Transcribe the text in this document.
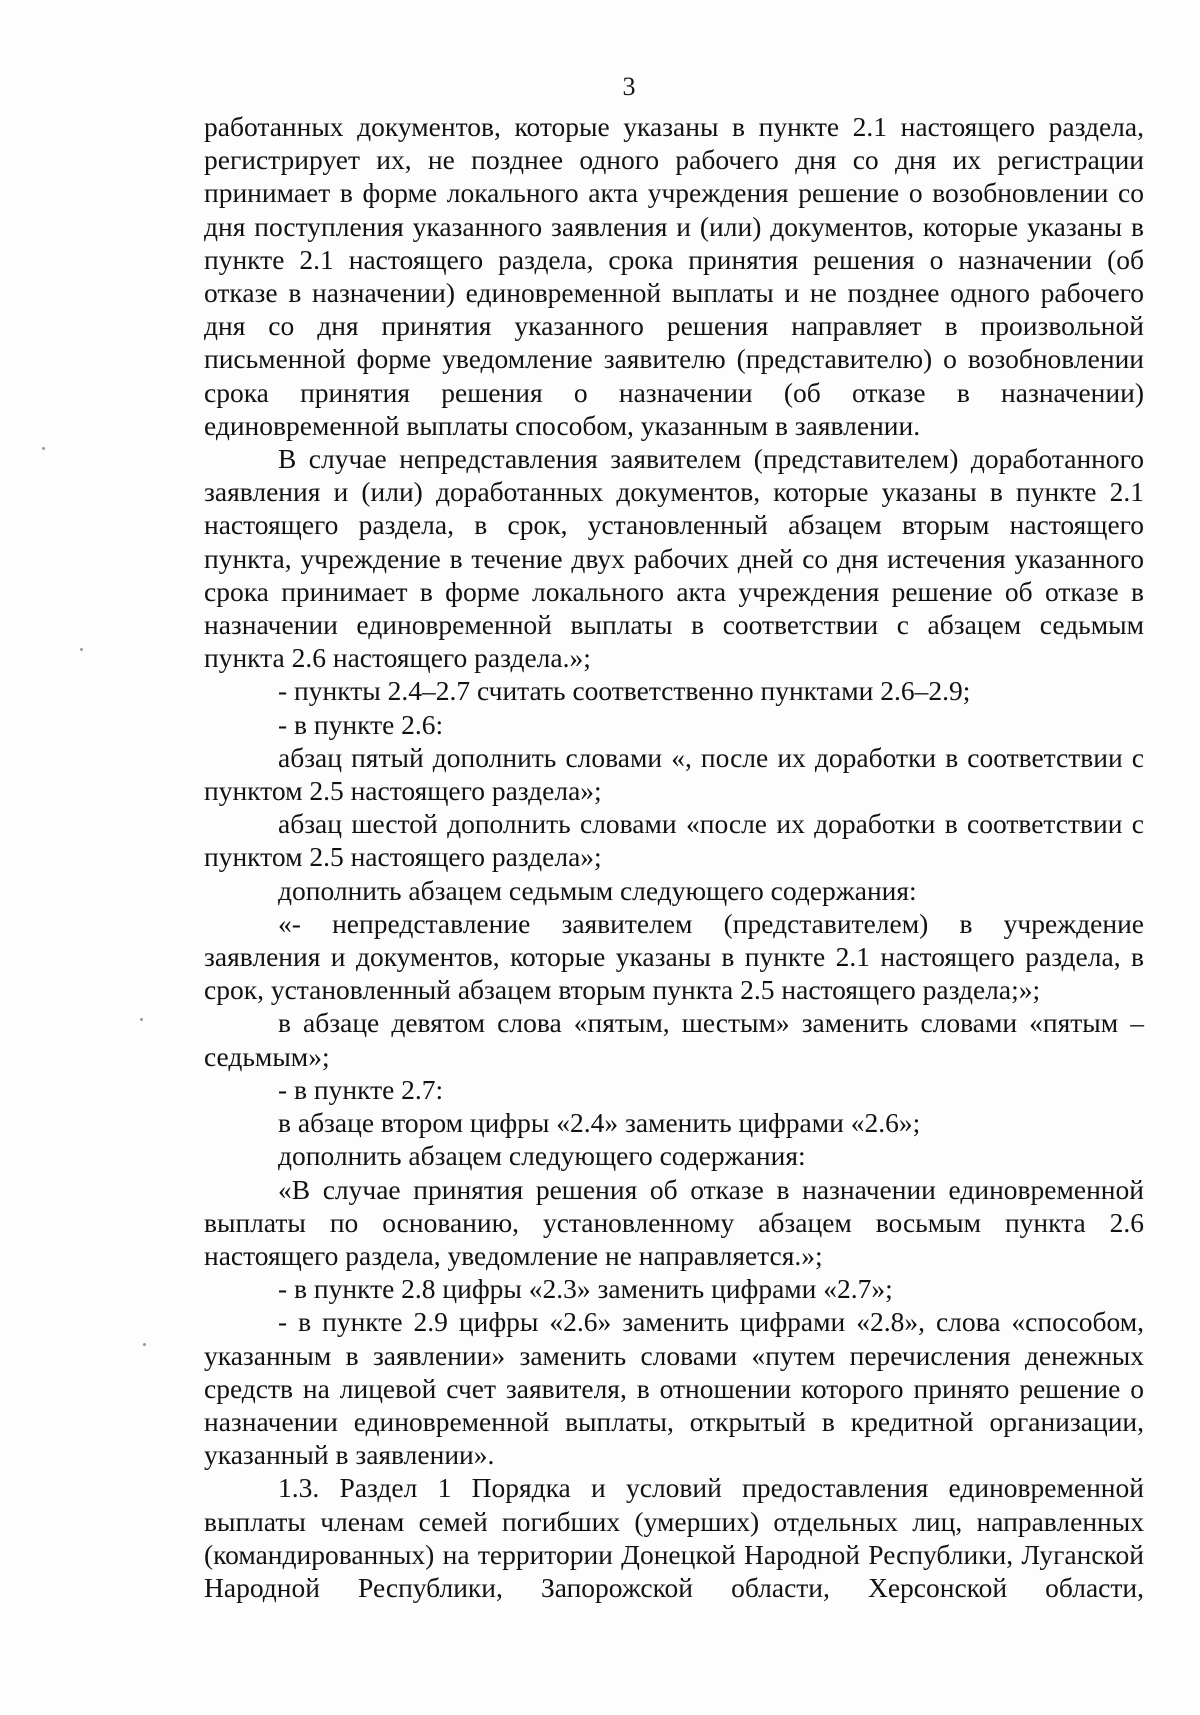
3

работанных документов, которые указаны в пункте 2.1 настоящего раздела, регистрирует их, не позднее одного рабочего дня со дня их регистрации принимает в форме локального акта учреждения решение о возобновлении со дня поступления указанного заявления и (или) документов, которые указаны в пункте 2.1 настоящего раздела, срока принятия решения о назначении (об отказе в назначении) единовременной выплаты и не позднее одного рабочего дня со дня принятия указанного решения направляет в произвольной письменной форме уведомление заявителю (представителю) о возобновлении срока принятия решения о назначении (об отказе в назначении) единовременной выплаты способом, указанным в заявлении.

В случае непредставления заявителем (представителем) доработанного заявления и (или) доработанных документов, которые указаны в пункте 2.1 настоящего раздела, в срок, установленный абзацем вторым настоящего пункта, учреждение в течение двух рабочих дней со дня истечения указанного срока принимает в форме локального акта учреждения решение об отказе в назначении единовременной выплаты в соответствии с абзацем седьмым пункта 2.6 настоящего раздела.»;

- пункты 2.4–2.7 считать соответственно пунктами 2.6–2.9;

- в пункте 2.6:

абзац пятый дополнить словами «, после их доработки в соответствии с пунктом 2.5 настоящего раздела»;

абзац шестой дополнить словами «после их доработки в соответствии с пунктом 2.5 настоящего раздела»;

дополнить абзацем седьмым следующего содержания:

«- непредставление заявителем (представителем) в учреждение заявления и документов, которые указаны в пункте 2.1 настоящего раздела, в срок, установленный абзацем вторым пункта 2.5 настоящего раздела;»;

в абзаце девятом слова «пятым, шестым» заменить словами «пятым – седьмым»;

- в пункте 2.7:

в абзаце втором цифры «2.4» заменить цифрами «2.6»;

дополнить абзацем следующего содержания:

«В случае принятия решения об отказе в назначении единовременной выплаты по основанию, установленному абзацем восьмым пункта 2.6 настоящего раздела, уведомление не направляется.»;

- в пункте 2.8 цифры «2.3» заменить цифрами «2.7»;

- в пункте 2.9 цифры «2.6» заменить цифрами «2.8», слова «способом, указанным в заявлении» заменить словами «путем перечисления денежных средств на лицевой счет заявителя, в отношении которого принято решение о назначении единовременной выплаты, открытый в кредитной организации, указанный в заявлении».

1.3. Раздел 1 Порядка и условий предоставления единовременной выплаты членам семей погибших (умерших) отдельных лиц, направленных (командированных) на территории Донецкой Народной Республики, Луганской Народной Республики, Запорожской области, Херсонской области,
